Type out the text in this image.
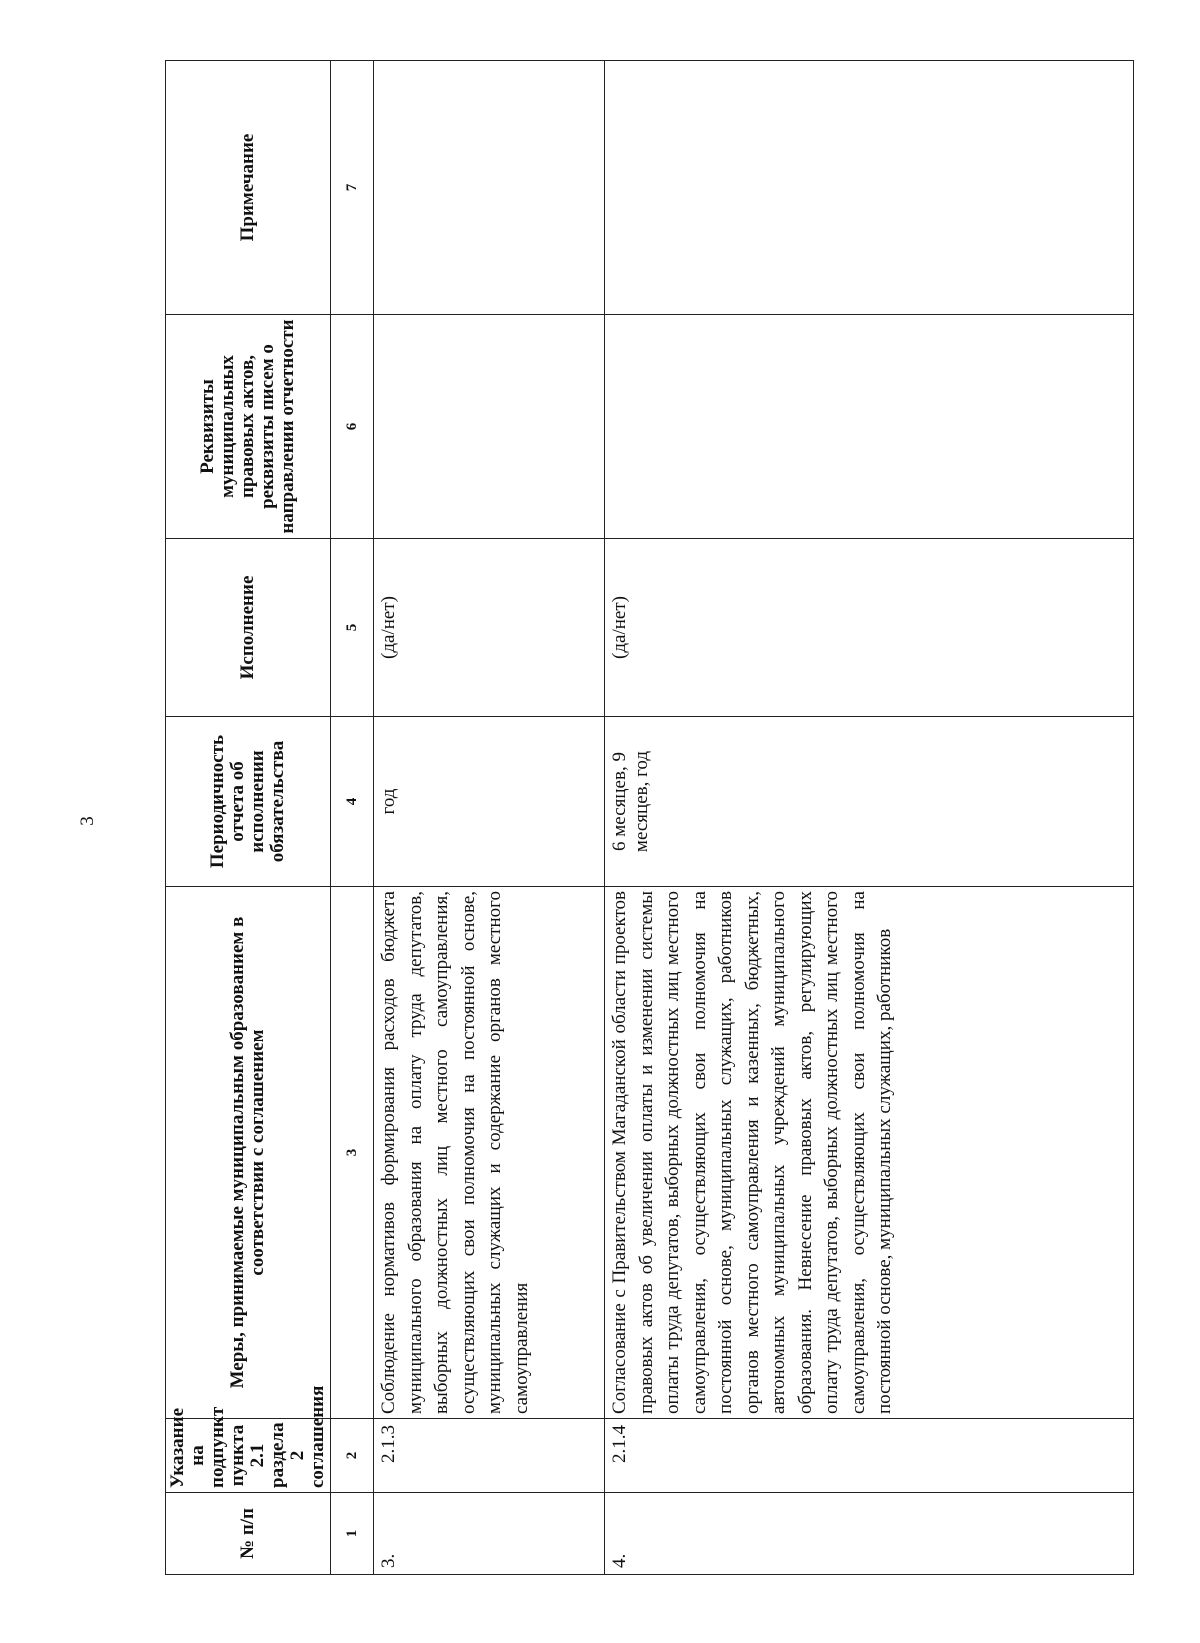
3
№ п/п	Указание на подпункт пункта 2.1 раздела 2 соглашения	Меры, принимаемые муниципальным образованием в соответствии с соглашением	Периодичность отчета об исполнении обязательства	Исполнение	Реквизиты муниципальных правовых актов, реквизиты писем о направлении отчетности	Примечание
1	2	3	4	5	6	7
3.	2.1.3	Соблюдение нормативов формирования расходов бюджета муниципального образования на оплату труда депутатов, выборных должностных лиц местного самоуправления, осуществляющих свои полномочия на постоянной основе, муниципальных служащих и содержание органов местного самоуправления	год	(да/нет)		
4.	2.1.4	Согласование с Правительством Магаданской области проектов правовых актов об увеличении оплаты и изменении системы оплаты труда депутатов, выборных должностных лиц местного самоуправления, осуществляющих свои полномочия на постоянной основе, муниципальных служащих, работников органов местного самоуправления и казенных, бюджетных, автономных муниципальных учреждений муниципального образования. Невнесение правовых актов, регулирующих оплату труда депутатов, выборных должностных лиц местного самоуправления, осуществляющих свои полномочия на постоянной основе, муниципальных служащих, работников	6 месяцев, 9 месяцев, год	(да/нет)		
